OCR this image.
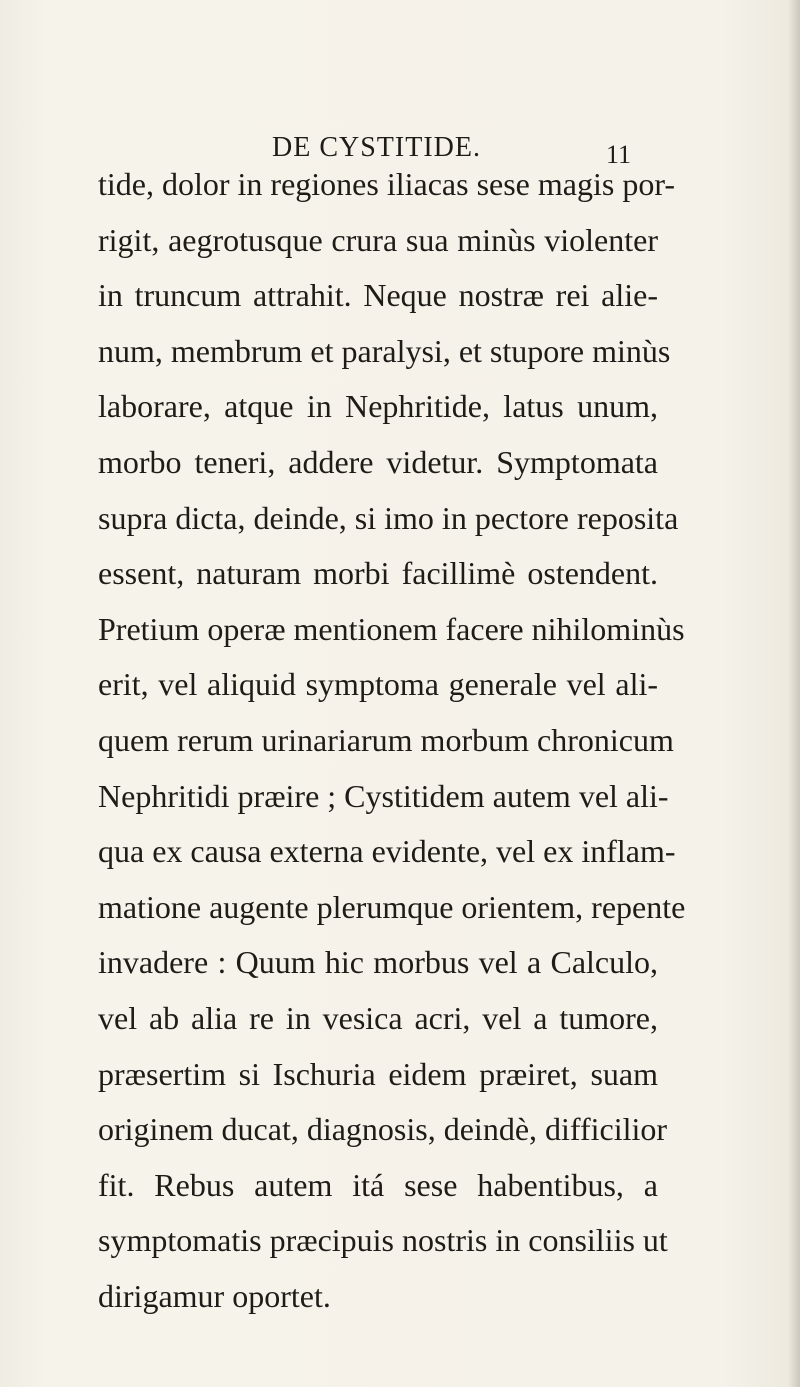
DE CYSTITIDE.	11
tide, dolor in regiones iliacas sese magis por-
rigit, aegrotusque crura sua minùs violenter
in truncum attrahit. Neque nostræ rei alie-
num, membrum et paralysi, et stupore minùs
laborare, atque in Nephritide, latus unum,
morbo teneri, addere videtur. Symptomata
supra dicta, deinde, si imo in pectore reposita
essent, naturam morbi facillimè ostendent.
Pretium operæ mentionem facere nihilominùs
erit, vel aliquid symptoma generale vel ali-
quem rerum urinariarum morbum chronicum
Nephritidi præire ; Cystitidem autem vel ali-
qua ex causa externa evidente, vel ex inflam-
matione augente plerumque orientem, repente
invadere : Quum hic morbus vel a Calculo,
vel ab alia re in vesica acri, vel a tumore,
præsertim si Ischuria eidem præiret, suam
originem ducat, diagnosis, deindè, difficilior
fit. Rebus autem itá sese habentibus, a
symptomatis præcipuis nostris in consiliis ut
dirigamur oportet.
